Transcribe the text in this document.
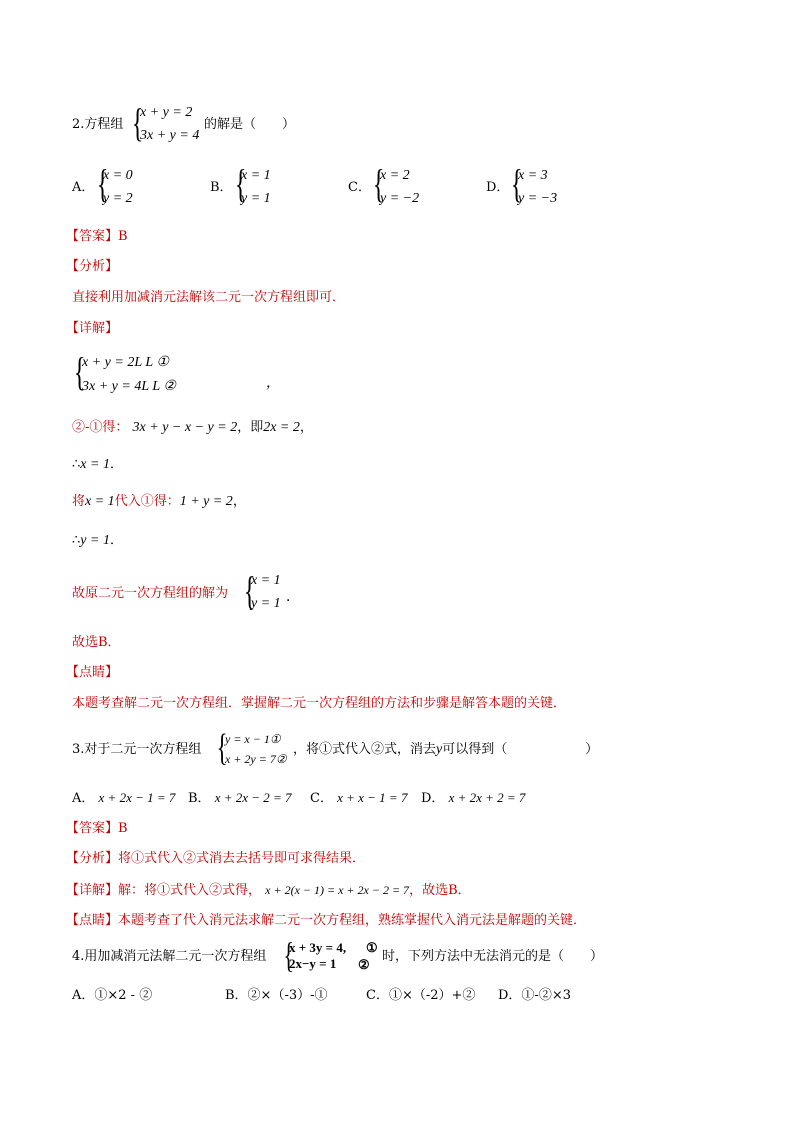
2.方程组 {
x + y = 2
3x + y = 4
的解是（　　）
A． {
x = 0
y = 2
B． {
x = 1
y = 1
C． {
x = 2
y = −2
D． {
x = 3
y = −3
【答案】B
【分析】
直接利用加减消元法解该二元一次方程组即可．
【详解】
{
x + y = 2L L ①
3x + y = 4L L ②	，
②-①得： 3x + y − x − y = 2，即2x = 2，
∴x = 1．
将x = 1代入①得：1 + y = 2，
∴y = 1．
故原二元一次方程组的解为 {
x = 1
y = 1 ．
故选B．
【点睛】
本题考查解二元一次方程组．掌握解二元一次方程组的方法和步骤是解答本题的关键．
3.对于二元一次方程组 {
y = x − 1①
x + 2y = 7②
，将①式代入②式，消去y可以得到（　　　　　　）
A． x + 2x − 1 = 7 B． x + 2x − 2 = 7 C． x + x − 1 = 7 D． x + 2x + 2 = 7
【答案】B
【分析】将①式代入②式消去去括号即可求得结果．
【详解】解：将①式代入②式得， x + 2(x − 1) = x + 2x − 2 = 7，故选B．
【点睛】本题考查了代入消元法求解二元一次方程组，熟练掌握代入消元法是解题的关键．
4.用加减消元法解二元一次方程组 {
x + 3y = 4,
2x−y = 1
①
②
时，下列方法中无法消元的是（　　）
A．①×2 - ②	B．②×（-3）-①	C．①×（-2）+② D．①-②×3
